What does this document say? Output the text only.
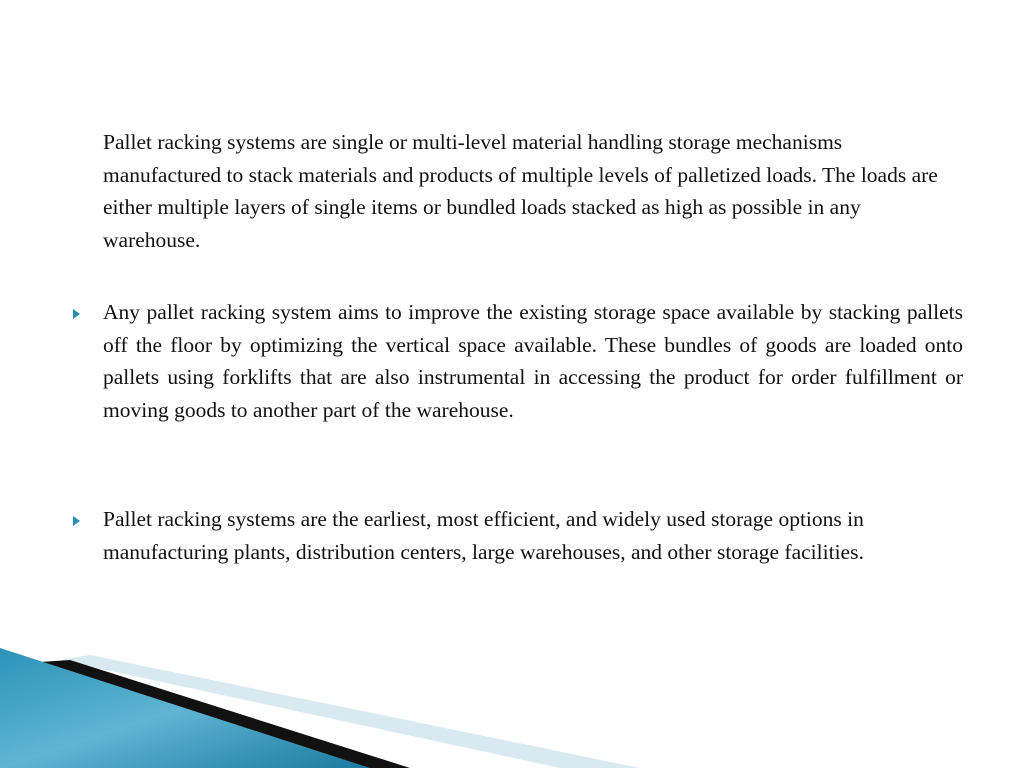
Pallet racking systems are single or multi-level material handling storage mechanisms manufactured to stack materials and products of multiple levels of palletized loads. The loads are either multiple layers of single items or bundled loads stacked as high as possible in any warehouse.

Any pallet racking system aims to improve the existing storage space available by stacking pallets off the floor by optimizing the vertical space available. These bundles of goods are loaded onto pallets using forklifts that are also instrumental in accessing the product for order fulfillment or moving goods to another part of the warehouse.

Pallet racking systems are the earliest, most efficient, and widely used storage options in manufacturing plants, distribution centers, large warehouses, and other storage facilities.
